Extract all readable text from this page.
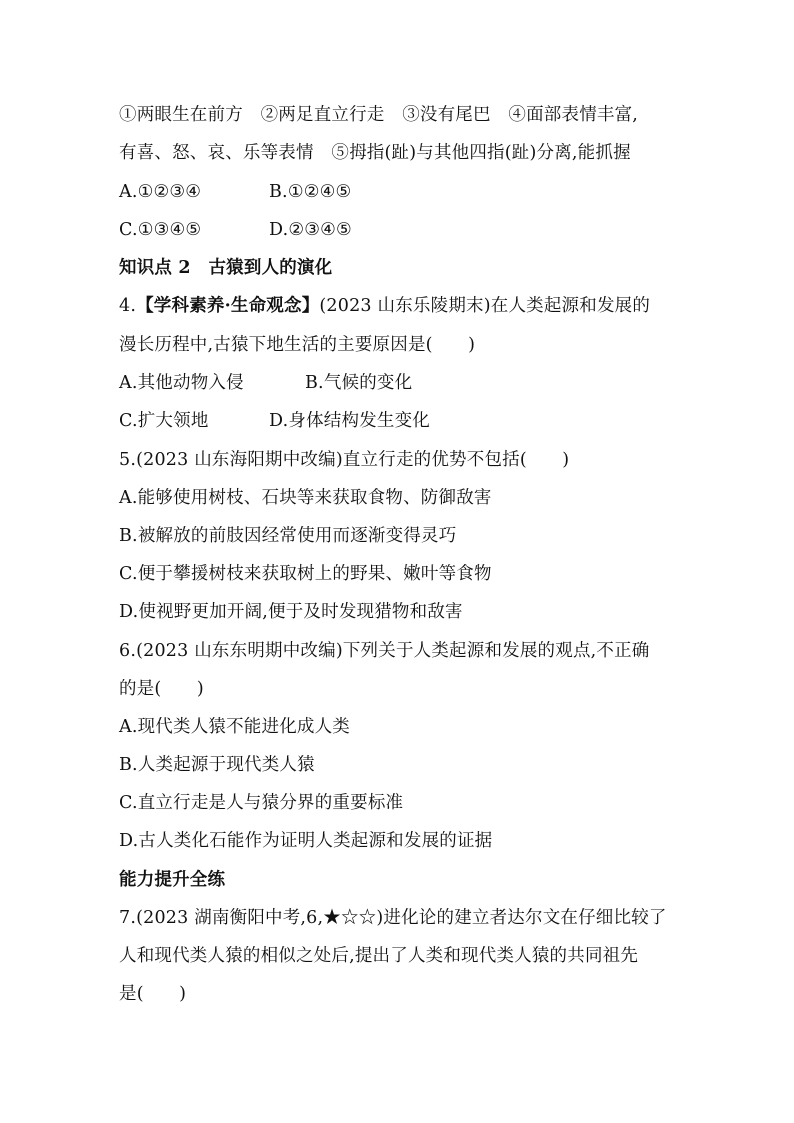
①两眼生在前方　②两足直立行走　③没有尾巴　④面部表情丰富,
有喜、怒、哀、乐等表情　⑤拇指(趾)与其他四指(趾)分离,能抓握
A.①②③④	B.①②④⑤
C.①③④⑤	D.②③④⑤
知识点 2　古猿到人的演化
4.【学科素养·生命观念】(2023 山东乐陵期末)在人类起源和发展的
漫长历程中,古猿下地生活的主要原因是(　　)
A.其他动物入侵	B.气候的变化
C.扩大领地	D.身体结构发生变化
5.(2023 山东海阳期中改编)直立行走的优势不包括(　　)
A.能够使用树枝、石块等来获取食物、防御敌害
B.被解放的前肢因经常使用而逐渐变得灵巧
C.便于攀援树枝来获取树上的野果、嫩叶等食物
D.使视野更加开阔,便于及时发现猎物和敌害
6.(2023 山东东明期中改编)下列关于人类起源和发展的观点,不正确
的是(　　)
A.现代类人猿不能进化成人类
B.人类起源于现代类人猿
C.直立行走是人与猿分界的重要标准
D.古人类化石能作为证明人类起源和发展的证据
能力提升全练
7.(2023 湖南衡阳中考,6,★☆☆)进化论的建立者达尔文在仔细比较了
人和现代类人猿的相似之处后,提出了人类和现代类人猿的共同祖先
是(　　)
